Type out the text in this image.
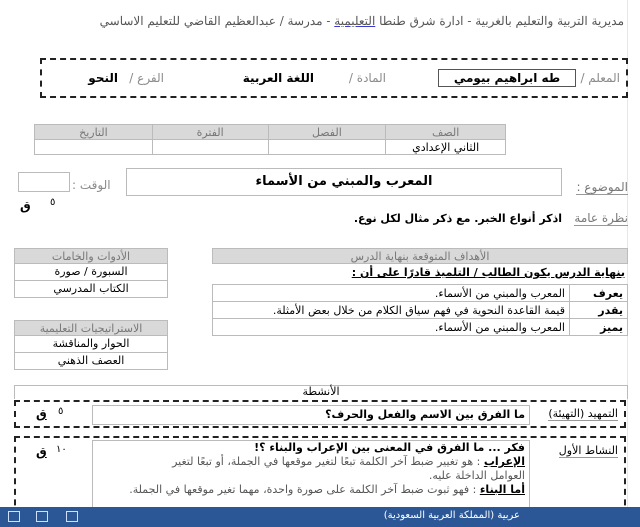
مديرية التربية والتعليم بالغربية - ادارة شرق طنطا التعليمية - مدرسة / عبدالعظيم القاضي للتعليم الاساسي
المعلم /
طه ابراهيم بيومي
المادة /
اللغة العربية
الفرع /
النحو
الصف	الفصل	الفترة	التاريخ
الثاني الإعدادي			
الموضوع :
المعرب والمبني من الأسماء
الوقت :
٥
ق
نظرة عامة
اذكر أنواع الخبر. مع ذكر مثال لكل نوع.
الأدوات والخامات
السبورة / صورة
الكتاب المدرسي
الاستراتيجيات التعليمية
الحوار والمناقشة
العصف الذهني
الأهداف المتوقعة بنهاية الدرس
بنهاية الدرس يكون الطالب / التلميذ قادرًا على أن :
يعرف	المعرب والمبني من الأسماء.
يقدر	قيمة القاعدة النحوية في فهم سياق الكلام من خلال بعض الأمثلة.
يميز	المعرب والمبني من الأسماء.
الأنشطة
التمهيد (التهيئة)
ما الفرق بين الاسم والفعل والحرف؟
٥
ق
النشاط الأول
فكر ... ما الفرق في المعنى بين الإعراب والبناء ؟!
الإعراب : هو تغيير ضبط آخر الكلمة تبعًا لتغير موقعها في الجملة، أو تبعًا لتغير
العوامل الداخلة عليه.
أما البناء : فهو ثبوت ضبط آخر الكلمة على صورة واحدة، مهما تغير موقعها في الجملة.
١٠
ق
عربية (المملكة العربية السعودية)
